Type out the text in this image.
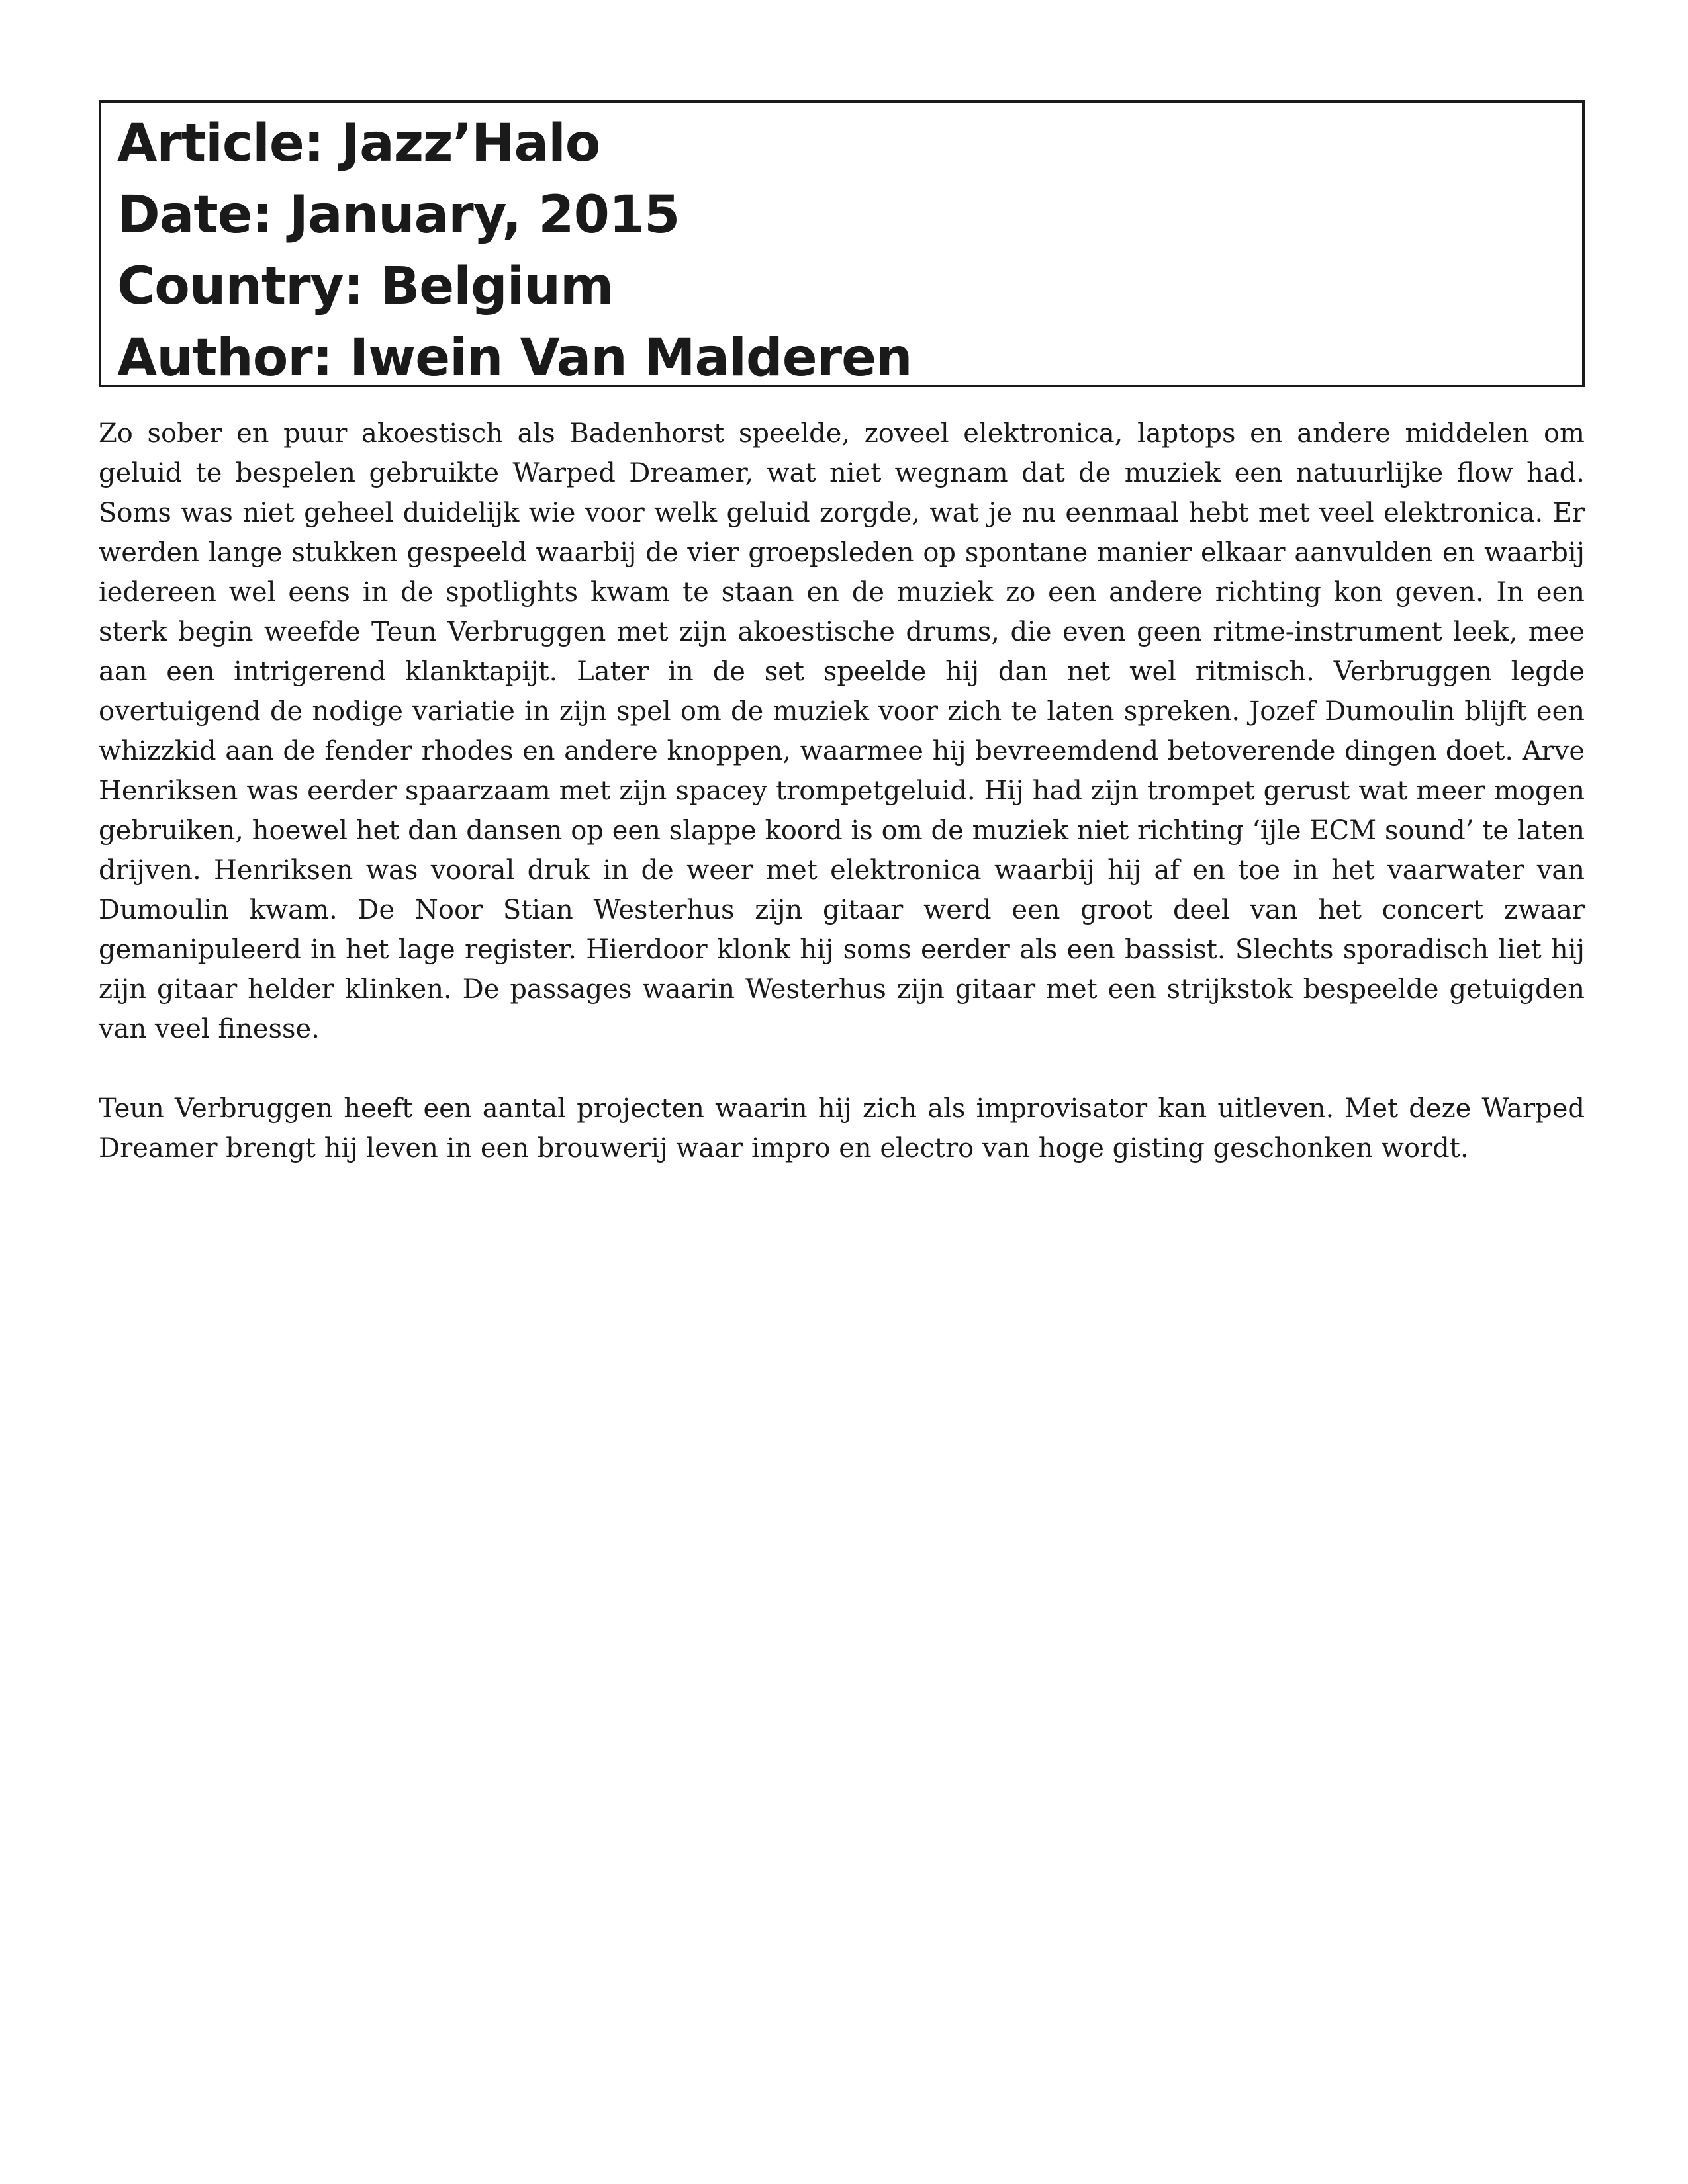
Article: Jazz’Halo
Date: January, 2015
Country: Belgium
Author: Iwein Van Malderen

Zo sober en puur akoestisch als Badenhorst speelde, zoveel elektronica, laptops en andere middelen om geluid te bespelen gebruikte Warped Dreamer, wat niet wegnam dat de muziek een natuurlijke flow had. Soms was niet geheel duidelijk wie voor welk geluid zorgde, wat je nu eenmaal hebt met veel elektronica. Er werden lange stukken gespeeld waarbij de vier groepsleden op spontane manier elkaar aanvulden en waarbij iedereen wel eens in de spotlights kwam te staan en de muziek zo een andere richting kon geven. In een sterk begin weefde Teun Verbruggen met zijn akoestische drums, die even geen ritme-instrument leek, mee aan een intrigerend klanktapijt. Later in de set speelde hij dan net wel ritmisch. Verbruggen legde overtuigend de nodige variatie in zijn spel om de muziek voor zich te laten spreken. Jozef Dumoulin blijft een whizzkid aan de fender rhodes en andere knoppen, waarmee hij bevreemdend betoverende dingen doet. Arve Henriksen was eerder spaarzaam met zijn spacey trompetgeluid. Hij had zijn trompet gerust wat meer mogen gebruiken, hoewel het dan dansen op een slappe koord is om de muziek niet richting ‘ijle ECM sound’ te laten drijven. Henriksen was vooral druk in de weer met elektronica waarbij hij af en toe in het vaarwater van Dumoulin kwam. De Noor Stian Westerhus zijn gitaar werd een groot deel van het concert zwaar gemanipuleerd in het lage register. Hierdoor klonk hij soms eerder als een bassist. Slechts sporadisch liet hij zijn gitaar helder klinken. De passages waarin Westerhus zijn gitaar met een strijkstok bespeelde getuigden van veel finesse.

Teun Verbruggen heeft een aantal projecten waarin hij zich als improvisator kan uitleven. Met deze Warped Dreamer brengt hij leven in een brouwerij waar impro en electro van hoge gisting geschonken wordt.
